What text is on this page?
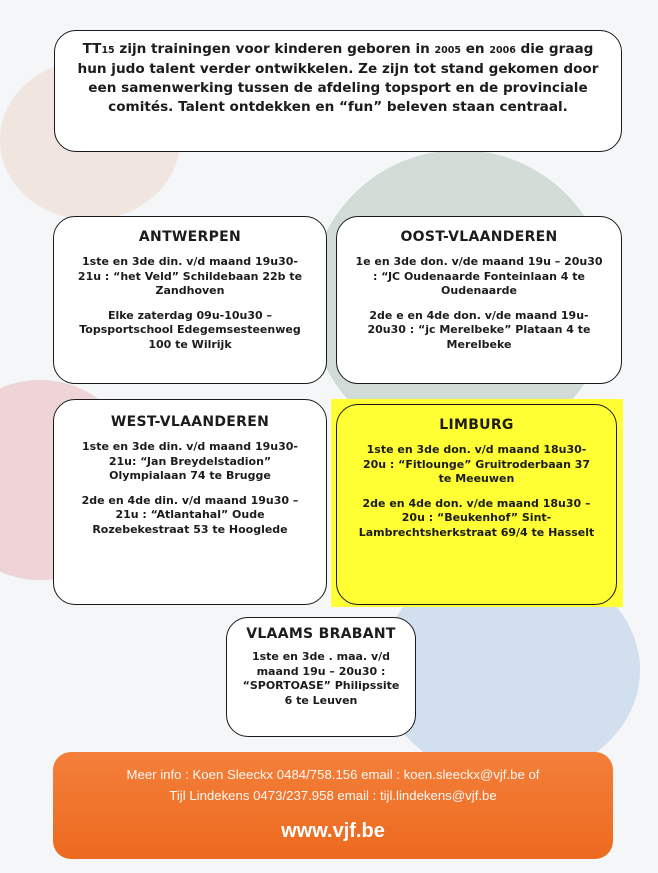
TT15 zijn trainingen voor kinderen geboren in 2005 en 2006 die graag hun judo talent verder ontwikkelen. Ze zijn tot stand gekomen door een samenwerking tussen de afdeling topsport en de provinciale comités. Talent ontdekken en “fun” beleven staan centraal.
ANTWERPEN
1ste en 3de din. v/d maand 19u30-21u : “het Veld” Schildebaan 22b te Zandhoven
Elke zaterdag 09u-10u30 – Topsportschool Edegemsesteenweg 100 te Wilrijk
OOST-VLAANDEREN
1e en 3de don. v/de maand 19u – 20u30 : “JC Oudenaarde Fonteinlaan 4 te Oudenaarde
2de e en 4de don. v/de maand 19u-20u30 : “jc Merelbeke” Plataan 4 te Merelbeke
WEST-VLAANDEREN
1ste en 3de din. v/d maand 19u30-21u: “Jan Breydelstadion” Olympialaan 74 te Brugge
2de en 4de din. v/d maand 19u30 – 21u : “Atlantahal” Oude Rozebekestraat 53 te Hooglede
LIMBURG
1ste en 3de don. v/d maand 18u30-20u : “Fitlounge” Gruitroderbaan 37 te Meeuwen
2de en 4de don. v/de maand 18u30 – 20u : “Beukenhof” Sint-Lambrechtsherkstraat 69/4 te Hasselt
VLAAMS BRABANT
1ste en 3de . maa. v/d maand 19u – 20u30 : “SPORTOASE” Philipssite 6 te Leuven
Meer info : Koen Sleeckx 0484/758.156 email : koen.sleeckx@vjf.be of
Tijl Lindekens 0473/237.958 email : tijl.lindekens@vjf.be
www.vjf.be
